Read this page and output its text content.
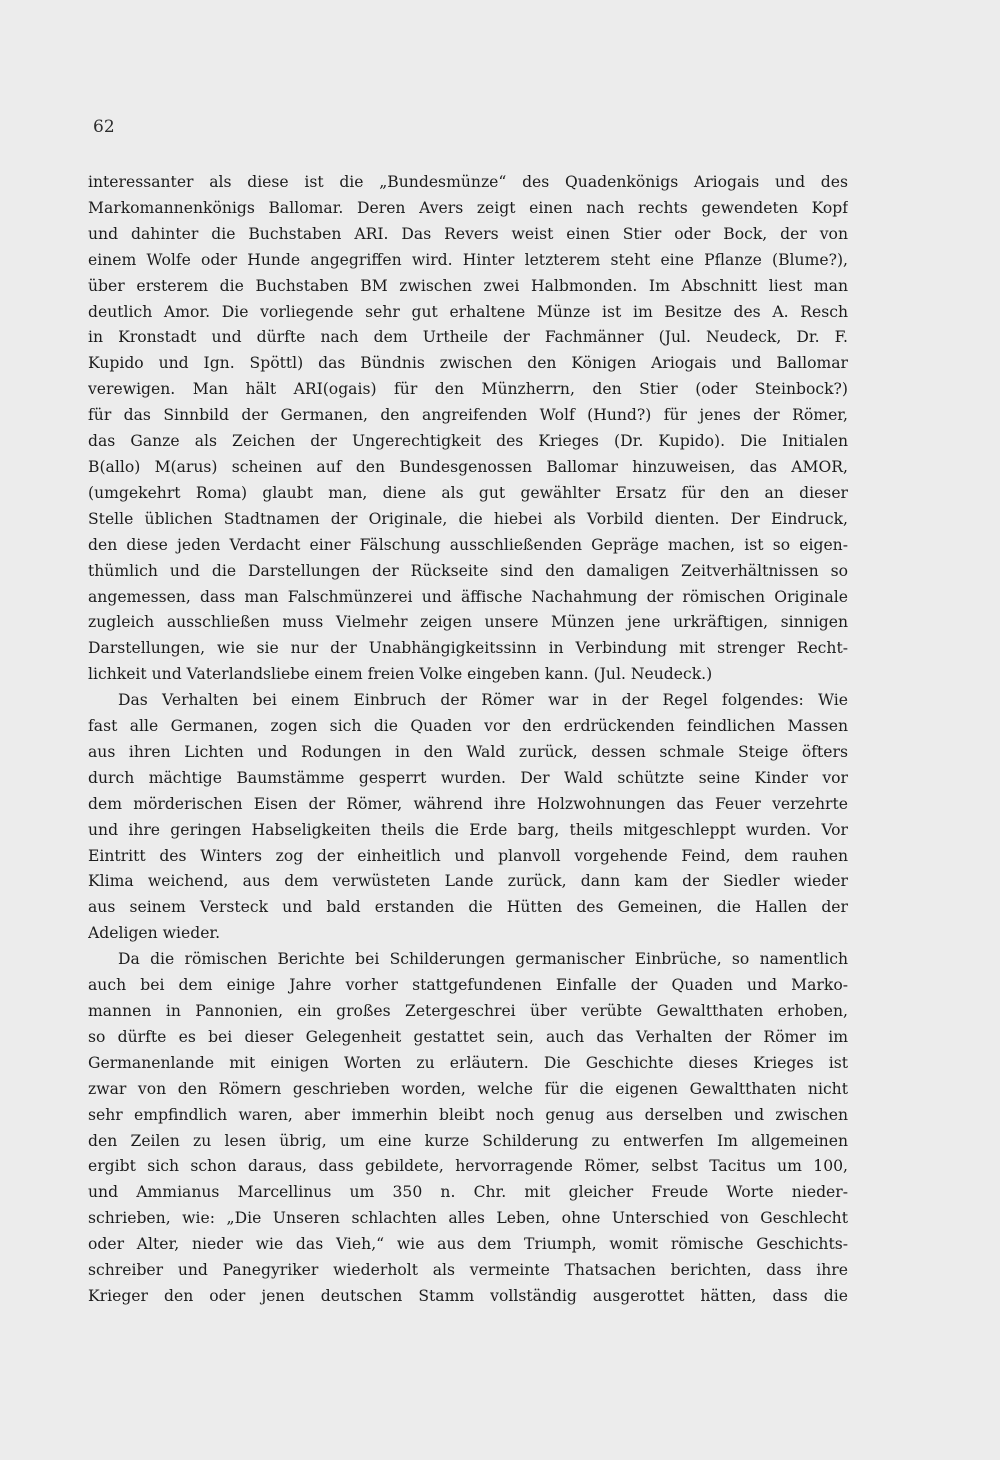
62
interessanter als diese ist die „Bundesmünze“ des Quadenkönigs Ariogais und des
Markomannenkönigs Ballomar. Deren Avers zeigt einen nach rechts gewendeten Kopf
und dahinter die Buchstaben ARI. Das Revers weist einen Stier oder Bock, der von
einem Wolfe oder Hunde angegriffen wird. Hinter letzterem steht eine Pflanze (Blume?),
über ersterem die Buchstaben BM zwischen zwei Halbmonden. Im Abschnitt liest man
deutlich Amor. Die vorliegende sehr gut erhaltene Münze ist im Besitze des A. Resch
in Kronstadt und dürfte nach dem Urtheile der Fachmänner (Jul. Neudeck, Dr. F.
Kupido und Ign. Spöttl) das Bündnis zwischen den Königen Ariogais und Ballomar
verewigen. Man hält ARI(ogais) für den Münzherrn, den Stier (oder Steinbock?)
für das Sinnbild der Germanen, den angreifenden Wolf (Hund?) für jenes der Römer,
das Ganze als Zeichen der Ungerechtigkeit des Krieges (Dr. Kupido). Die Initialen
B(allo) M(arus) scheinen auf den Bundesgenossen Ballomar hinzuweisen, das AMOR,
(umgekehrt Roma) glaubt man, diene als gut gewählter Ersatz für den an dieser
Stelle üblichen Stadtnamen der Originale, die hiebei als Vorbild dienten. Der Eindruck,
den diese jeden Verdacht einer Fälschung ausschließenden Gepräge machen, ist so eigen-
thümlich und die Darstellungen der Rückseite sind den damaligen Zeitverhältnissen so
angemessen, dass man Falschmünzerei und äffische Nachahmung der römischen Originale
zugleich ausschließen muss Vielmehr zeigen unsere Münzen jene urkräftigen, sinnigen
Darstellungen, wie sie nur der Unabhängigkeitssinn in Verbindung mit strenger Recht-
lichkeit und Vaterlandsliebe einem freien Volke eingeben kann. (Jul. Neudeck.)
Das Verhalten bei einem Einbruch der Römer war in der Regel folgendes: Wie
fast alle Germanen, zogen sich die Quaden vor den erdrückenden feindlichen Massen
aus ihren Lichten und Rodungen in den Wald zurück, dessen schmale Steige öfters
durch mächtige Baumstämme gesperrt wurden. Der Wald schützte seine Kinder vor
dem mörderischen Eisen der Römer, während ihre Holzwohnungen das Feuer verzehrte
und ihre geringen Habseligkeiten theils die Erde barg, theils mitgeschleppt wurden. Vor
Eintritt des Winters zog der einheitlich und planvoll vorgehende Feind, dem rauhen
Klima weichend, aus dem verwüsteten Lande zurück, dann kam der Siedler wieder
aus seinem Versteck und bald erstanden die Hütten des Gemeinen, die Hallen der
Adeligen wieder.
Da die römischen Berichte bei Schilderungen germanischer Einbrüche, so namentlich
auch bei dem einige Jahre vorher stattgefundenen Einfalle der Quaden und Marko-
mannen in Pannonien, ein großes Zetergeschrei über verübte Gewaltthaten erhoben,
so dürfte es bei dieser Gelegenheit gestattet sein, auch das Verhalten der Römer im
Germanenlande mit einigen Worten zu erläutern. Die Geschichte dieses Krieges ist
zwar von den Römern geschrieben worden, welche für die eigenen Gewaltthaten nicht
sehr empfindlich waren, aber immerhin bleibt noch genug aus derselben und zwischen
den Zeilen zu lesen übrig, um eine kurze Schilderung zu entwerfen Im allgemeinen
ergibt sich schon daraus, dass gebildete, hervorragende Römer, selbst Tacitus um 100,
und Ammianus Marcellinus um 350 n. Chr. mit gleicher Freude Worte nieder-
schrieben, wie: „Die Unseren schlachten alles Leben, ohne Unterschied von Geschlecht
oder Alter, nieder wie das Vieh,“ wie aus dem Triumph, womit römische Geschichts-
schreiber und Panegyriker wiederholt als vermeinte Thatsachen berichten, dass ihre
Krieger den oder jenen deutschen Stamm vollständig ausgerottet hätten, dass die
